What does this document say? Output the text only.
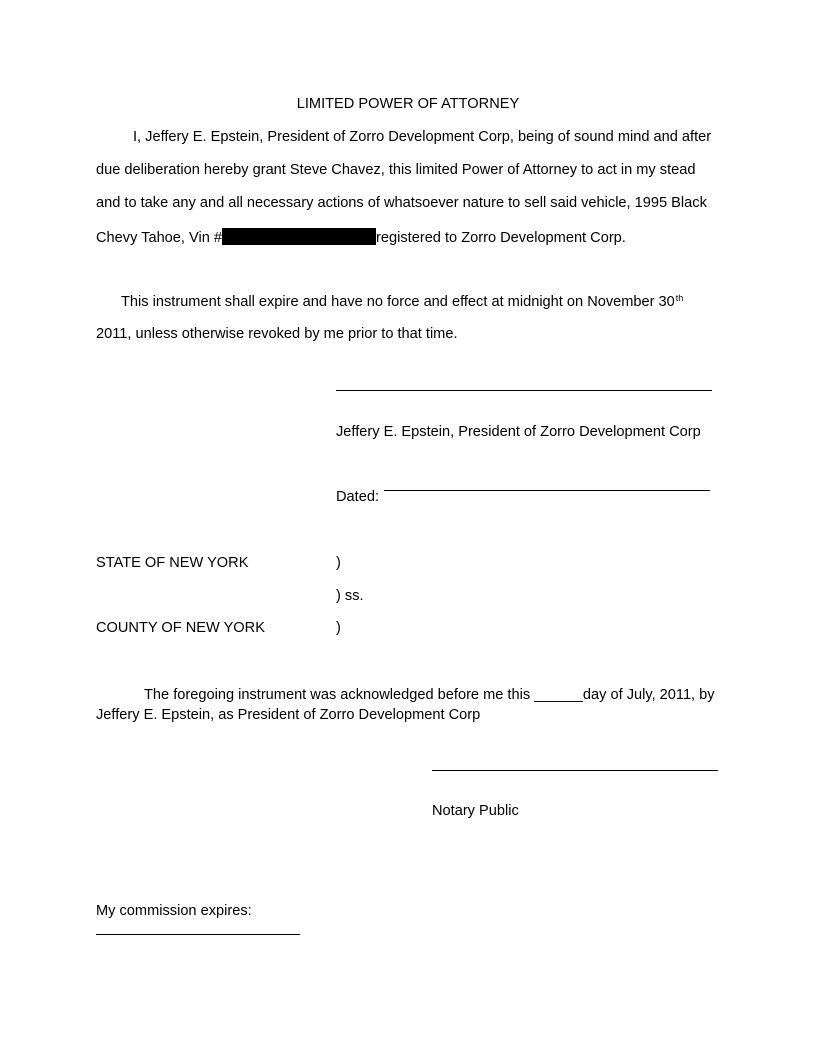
LIMITED POWER OF ATTORNEY
I, Jeffery E. Epstein, President of Zorro Development Corp, being of sound mind and after
due deliberation hereby grant Steve Chavez, this limited Power of Attorney to act in my stead
and to take any and all necessary actions of whatsoever nature to sell said vehicle, 1995 Black
Chevy Tahoe, Vin #	registered to Zorro Development Corp.
This instrument shall expire and have no force and effect at midnight on November 30th
2011, unless otherwise revoked by me prior to that time.
Jeffery E. Epstein, President of Zorro Development Corp
Dated:
STATE OF NEW YORK	)
) ss.
COUNTY OF NEW YORK	)
The foregoing instrument was acknowledged before me this ______day of July, 2011, by
Jeffery E. Epstein, as President of Zorro Development Corp
Notary Public
My commission expires:
